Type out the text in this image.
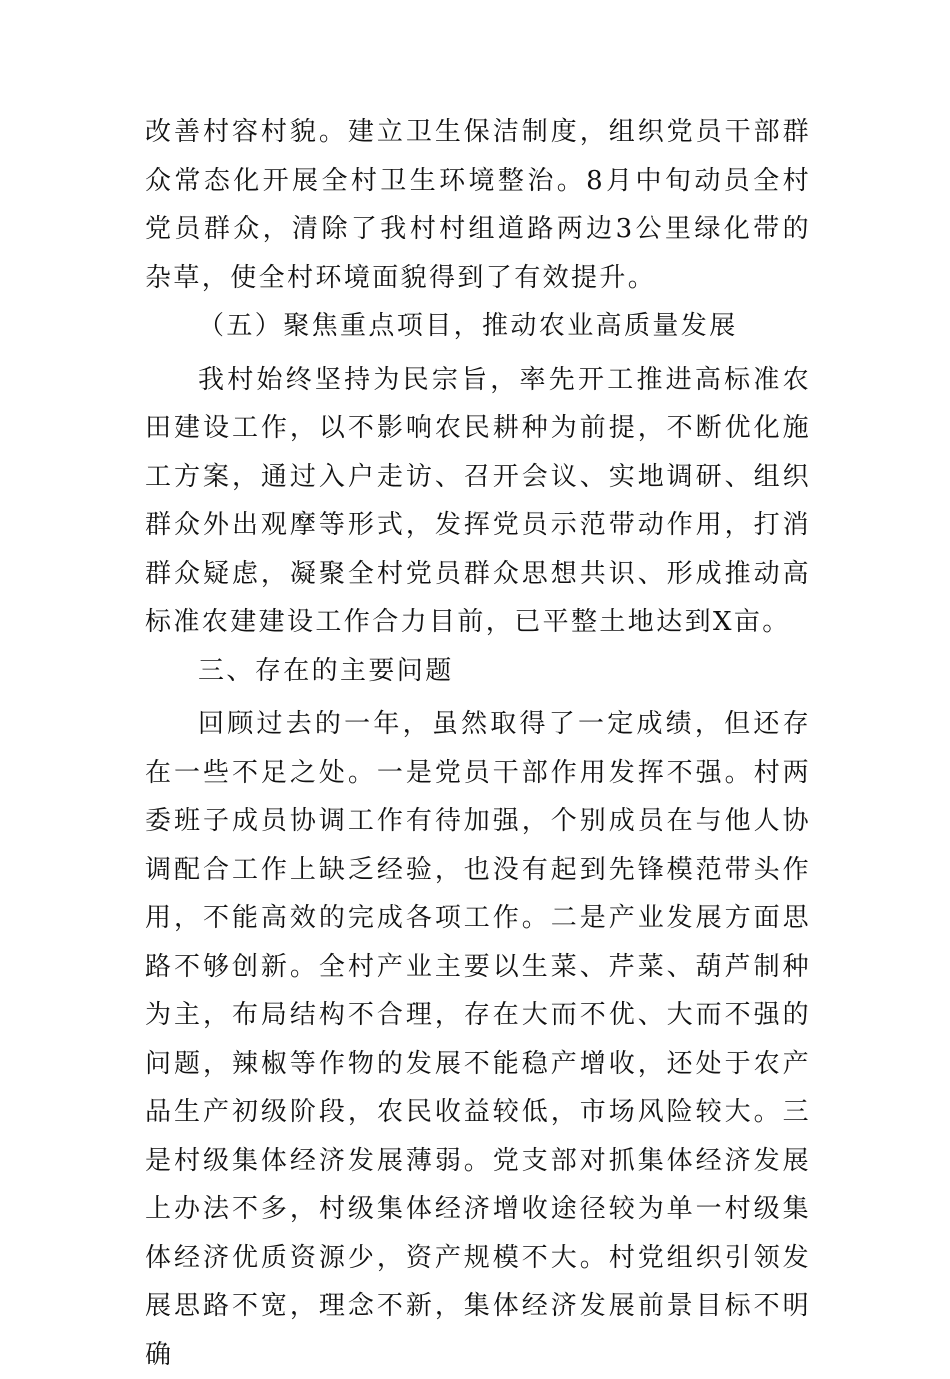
改善村容村貌。建立卫生保洁制度，组织党员干部群众常态化开展全村卫生环境整治。8月中旬动员全村党员群众，清除了我村村组道路两边3公里绿化带的杂草，使全村环境面貌得到了有效提升。

（五）聚焦重点项目，推动农业高质量发展

我村始终坚持为民宗旨，率先开工推进高标准农田建设工作，以不影响农民耕种为前提，不断优化施工方案，通过入户走访、召开会议、实地调研、组织群众外出观摩等形式，发挥党员示范带动作用，打消群众疑虑，凝聚全村党员群众思想共识、形成推动高标准农建建设工作合力目前，已平整土地达到X亩。

三、存在的主要问题

回顾过去的一年，虽然取得了一定成绩，但还存在一些不足之处。一是党员干部作用发挥不强。村两委班子成员协调工作有待加强，个别成员在与他人协调配合工作上缺乏经验，也没有起到先锋模范带头作用，不能高效的完成各项工作。二是产业发展方面思路不够创新。全村产业主要以生菜、芹菜、葫芦制种为主，布局结构不合理，存在大而不优、大而不强的问题，辣椒等作物的发展不能稳产增收，还处于农产品生产初级阶段，农民收益较低，市场风险较大。三是村级集体经济发展薄弱。党支部对抓集体经济发展上办法不多，村级集体经济增收途径较为单一村级集体经济优质资源少，资产规模不大。村党组织引领发展思路不宽，理念不新，集体经济发展前景目标不明确
